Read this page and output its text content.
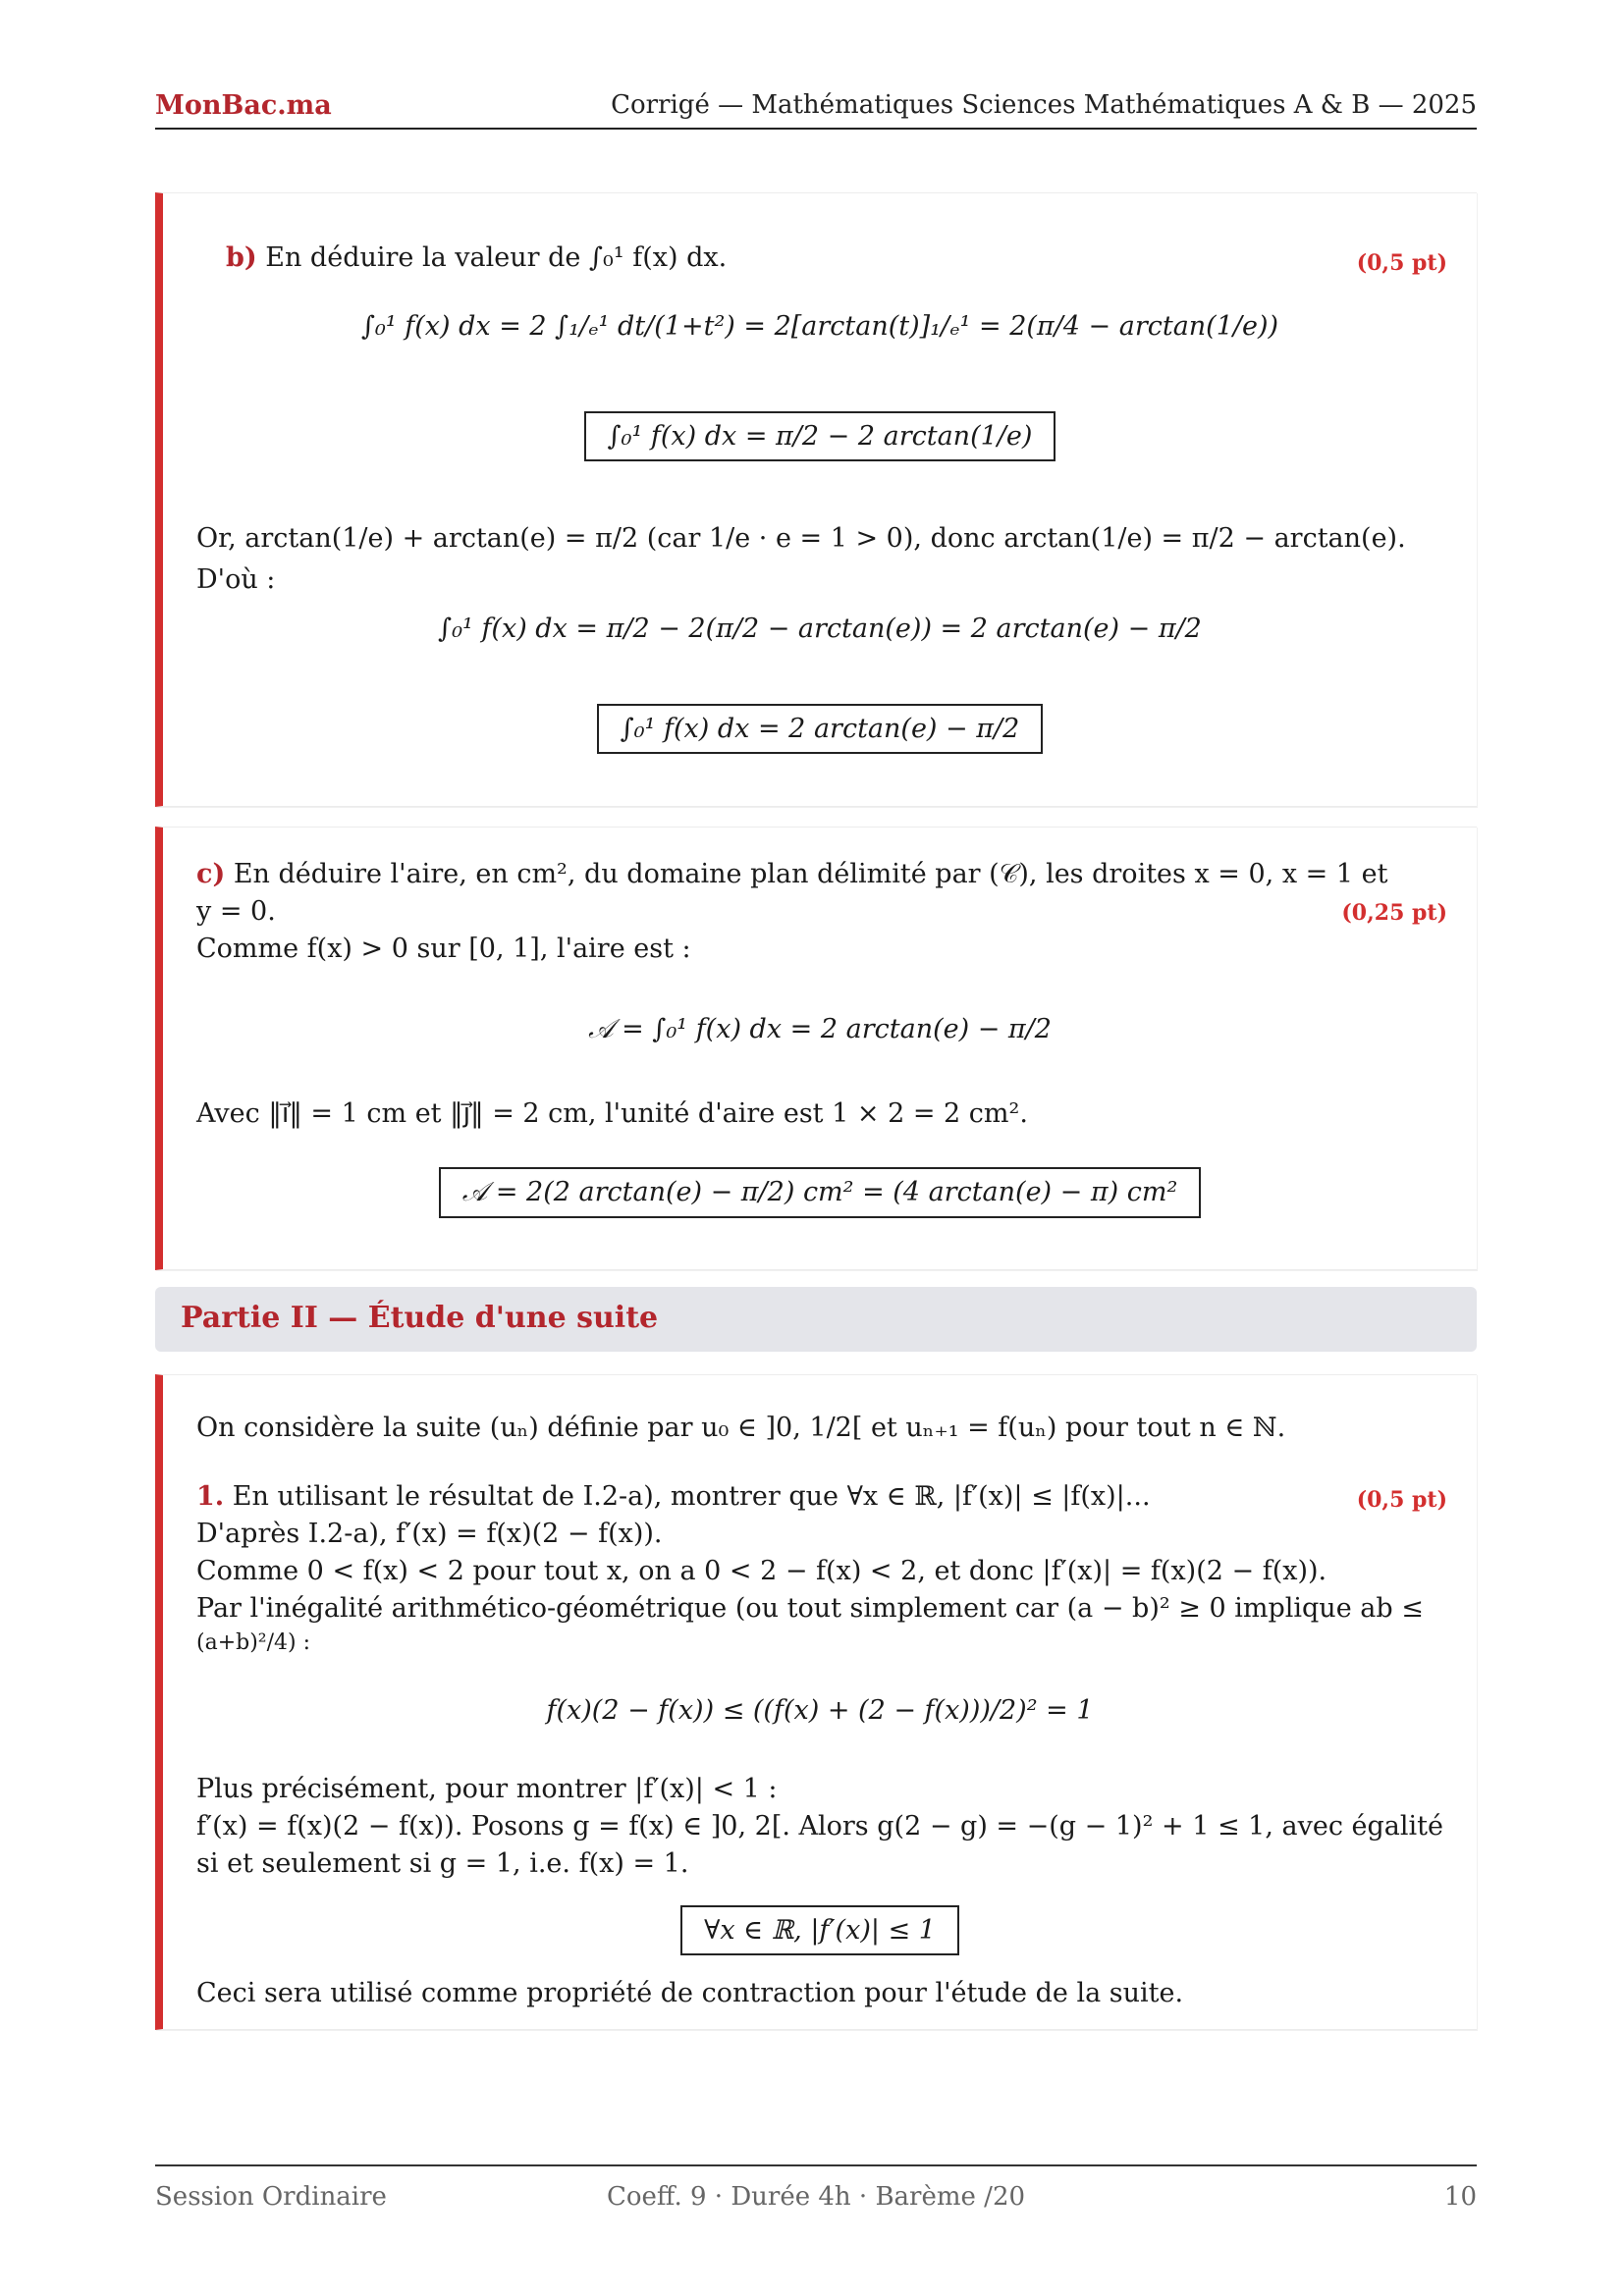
MonBac.ma	Corrigé — Mathématiques Sciences Mathématiques A & B — 2025
b) En déduire la valeur de ∫₀¹ f(x) dx.	(0,5 pt)
∫₀¹ f(x) dx = 2 ∫₁/ₑ¹ dt/(1+t²) = 2[arctan(t)]₁/ₑ¹ = 2(π/4 − arctan(1/e))
∫₀¹ f(x) dx = π/2 − 2 arctan(1/e)
Or, arctan(1/e) + arctan(e) = π/2 (car 1/e · e = 1 > 0), donc arctan(1/e) = π/2 − arctan(e).
D'où :
∫₀¹ f(x) dx = π/2 − 2(π/2 − arctan(e)) = 2 arctan(e) − π/2
∫₀¹ f(x) dx = 2 arctan(e) − π/2
c) En déduire l'aire, en cm², du domaine plan délimité par (𝒞), les droites x = 0, x = 1 et
y = 0.	(0,25 pt)
Comme f(x) > 0 sur [0, 1], l'aire est :
𝒜 = ∫₀¹ f(x) dx = 2 arctan(e) − π/2
Avec ‖i⃗‖ = 1 cm et ‖j⃗‖ = 2 cm, l'unité d'aire est 1 × 2 = 2 cm².
𝒜 = 2(2 arctan(e) − π/2) cm² = (4 arctan(e) − π) cm²
Partie II — Étude d'une suite
On considère la suite (uₙ) définie par u₀ ∈ ]0, 1/2[ et uₙ₊₁ = f(uₙ) pour tout n ∈ ℕ.
1. En utilisant le résultat de I.2-a), montrer que ∀x ∈ ℝ, |f′(x)| ≤ |f(x)|...	(0,5 pt)
D'après I.2-a), f′(x) = f(x)(2 − f(x)).
Comme 0 < f(x) < 2 pour tout x, on a 0 < 2 − f(x) < 2, et donc |f′(x)| = f(x)(2 − f(x)).
Par l'inégalité arithmético-géométrique (ou tout simplement car (a − b)² ≥ 0 implique ab ≤
(a+b)²/4) :
f(x)(2 − f(x)) ≤ ((f(x) + (2 − f(x)))/2)² = 1
Plus précisément, pour montrer |f′(x)| < 1 :
f′(x) = f(x)(2 − f(x)). Posons g = f(x) ∈ ]0, 2[. Alors g(2 − g) = −(g − 1)² + 1 ≤ 1, avec égalité
si et seulement si g = 1, i.e. f(x) = 1.
∀x ∈ ℝ, |f′(x)| ≤ 1
Ceci sera utilisé comme propriété de contraction pour l'étude de la suite.
Session Ordinaire	Coeff. 9 · Durée 4h · Barème /20	10
